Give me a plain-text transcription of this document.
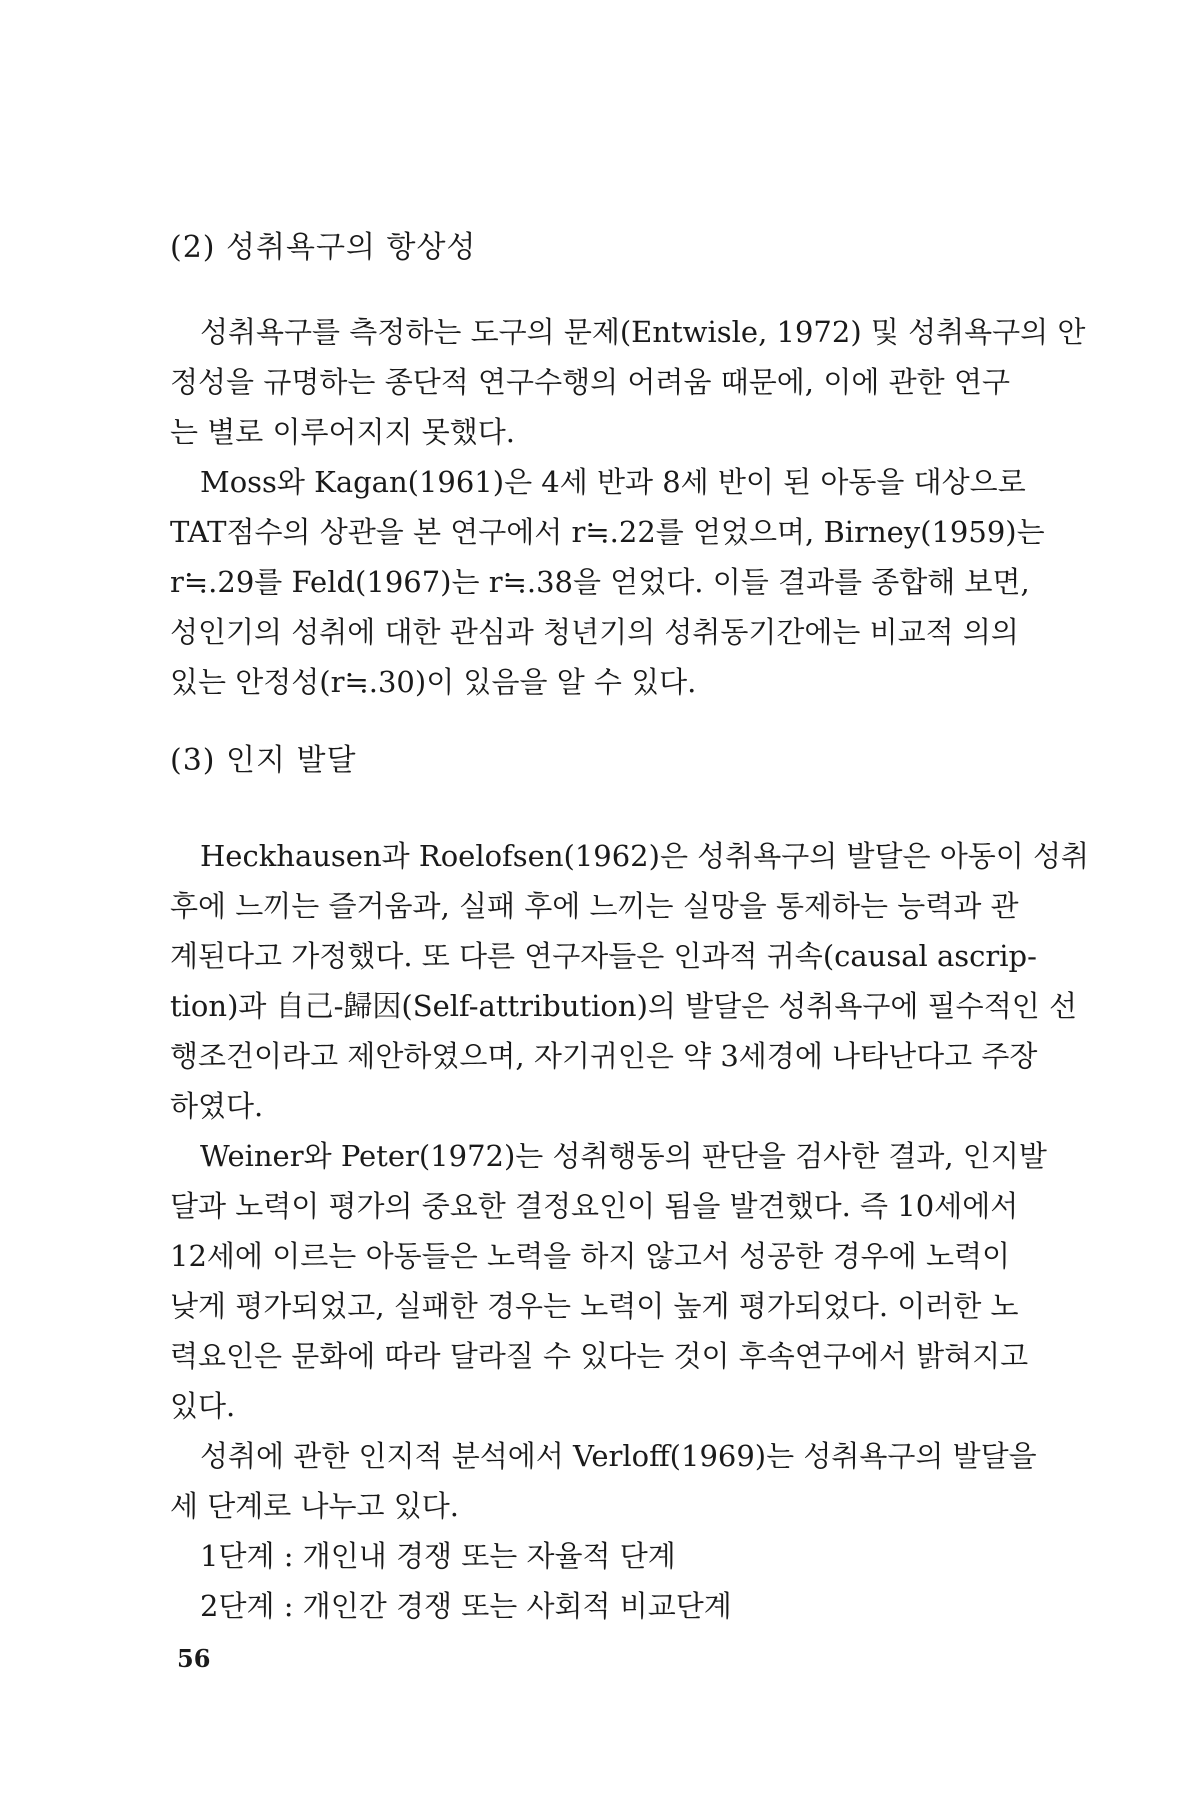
(2) 성취욕구의 항상성

성취욕구를 측정하는 도구의 문제(Entwisle, 1972) 및 성취욕구의 안

정성을 규명하는 종단적 연구수행의 어려움 때문에, 이에 관한 연구

는 별로 이루어지지 못했다.

Moss와 Kagan(1961)은 4세 반과 8세 반이 된 아동을 대상으로

TAT점수의 상관을 본 연구에서 r≒.22를 얻었으며, Birney(1959)는

r≒.29를 Feld(1967)는 r≒.38을 얻었다. 이들 결과를 종합해 보면,

성인기의 성취에 대한 관심과 청년기의 성취동기간에는 비교적 의의

있는 안정성(r≒.30)이 있음을 알 수 있다.

(3) 인지 발달

Heckhausen과 Roelofsen(1962)은 성취욕구의 발달은 아동이 성취

후에 느끼는 즐거움과, 실패 후에 느끼는 실망을 통제하는 능력과 관

계된다고 가정했다. 또 다른 연구자들은 인과적 귀속(causal ascrip-

tion)과 自己-歸因(Self-attribution)의 발달은 성취욕구에 필수적인 선

행조건이라고 제안하였으며, 자기귀인은 약 3세경에 나타난다고 주장

하였다.

Weiner와 Peter(1972)는 성취행동의 판단을 검사한 결과, 인지발

달과 노력이 평가의 중요한 결정요인이 됨을 발견했다. 즉 10세에서

12세에 이르는 아동들은 노력을 하지 않고서 성공한 경우에 노력이

낮게 평가되었고, 실패한 경우는 노력이 높게 평가되었다. 이러한 노

력요인은 문화에 따라 달라질 수 있다는 것이 후속연구에서 밝혀지고

있다.

성취에 관한 인지적 분석에서 Verloff(1969)는 성취욕구의 발달을

세 단계로 나누고 있다.

1단계 : 개인내 경쟁 또는 자율적 단계
2단계 : 개인간 경쟁 또는 사회적 비교단계
56
